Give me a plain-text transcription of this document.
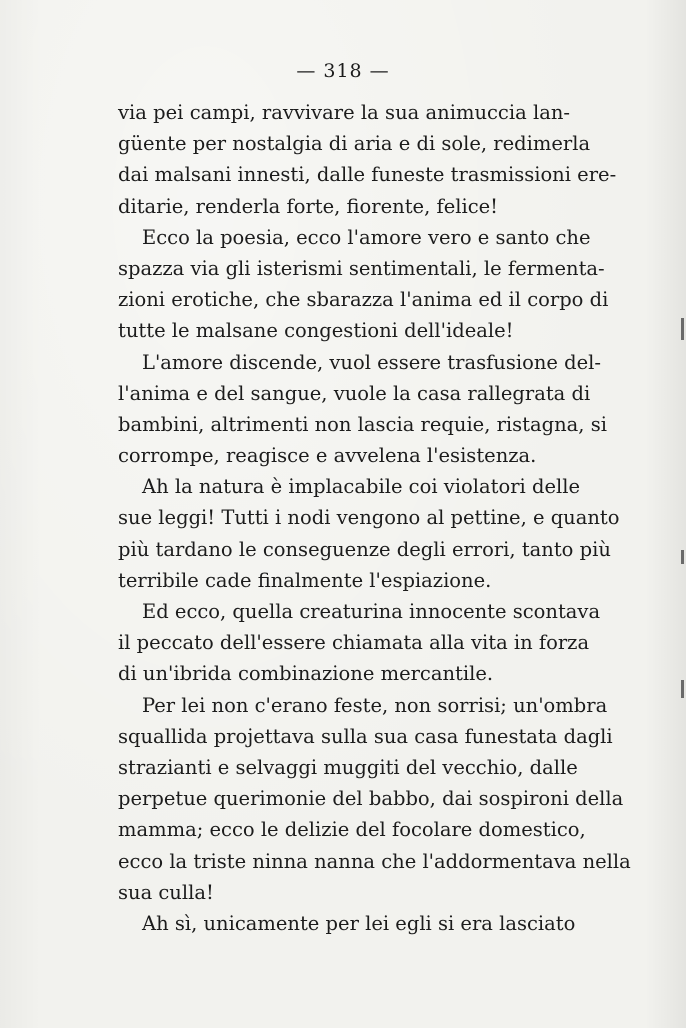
— 318 —
via pei campi, ravvivare la sua animuccia lan-
güente per nostalgia di aria e di sole, redimerla
dai malsani innesti, dalle funeste trasmissioni ere-
ditarie, renderla forte, fiorente, felice!
Ecco la poesia, ecco l'amore vero e santo che
spazza via gli isterismi sentimentali, le fermenta-
zioni erotiche, che sbarazza l'anima ed il corpo di
tutte le malsane congestioni dell'ideale!
L'amore discende, vuol essere trasfusione del-
l'anima e del sangue, vuole la casa rallegrata di
bambini, altrimenti non lascia requie, ristagna, si
corrompe, reagisce e avvelena l'esistenza.
Ah la natura è implacabile coi violatori delle
sue leggi! Tutti i nodi vengono al pettine, e quanto
più tardano le conseguenze degli errori, tanto più
terribile cade finalmente l'espiazione.
Ed ecco, quella creaturina innocente scontava
il peccato dell'essere chiamata alla vita in forza
di un'ibrida combinazione mercantile.
Per lei non c'erano feste, non sorrisi; un'ombra
squallida projettava sulla sua casa funestata dagli
strazianti e selvaggi muggiti del vecchio, dalle
perpetue querimonie del babbo, dai sospironi della
mamma; ecco le delizie del focolare domestico,
ecco la triste ninna nanna che l'addormentava nella
sua culla!
Ah sì, unicamente per lei egli si era lasciato
